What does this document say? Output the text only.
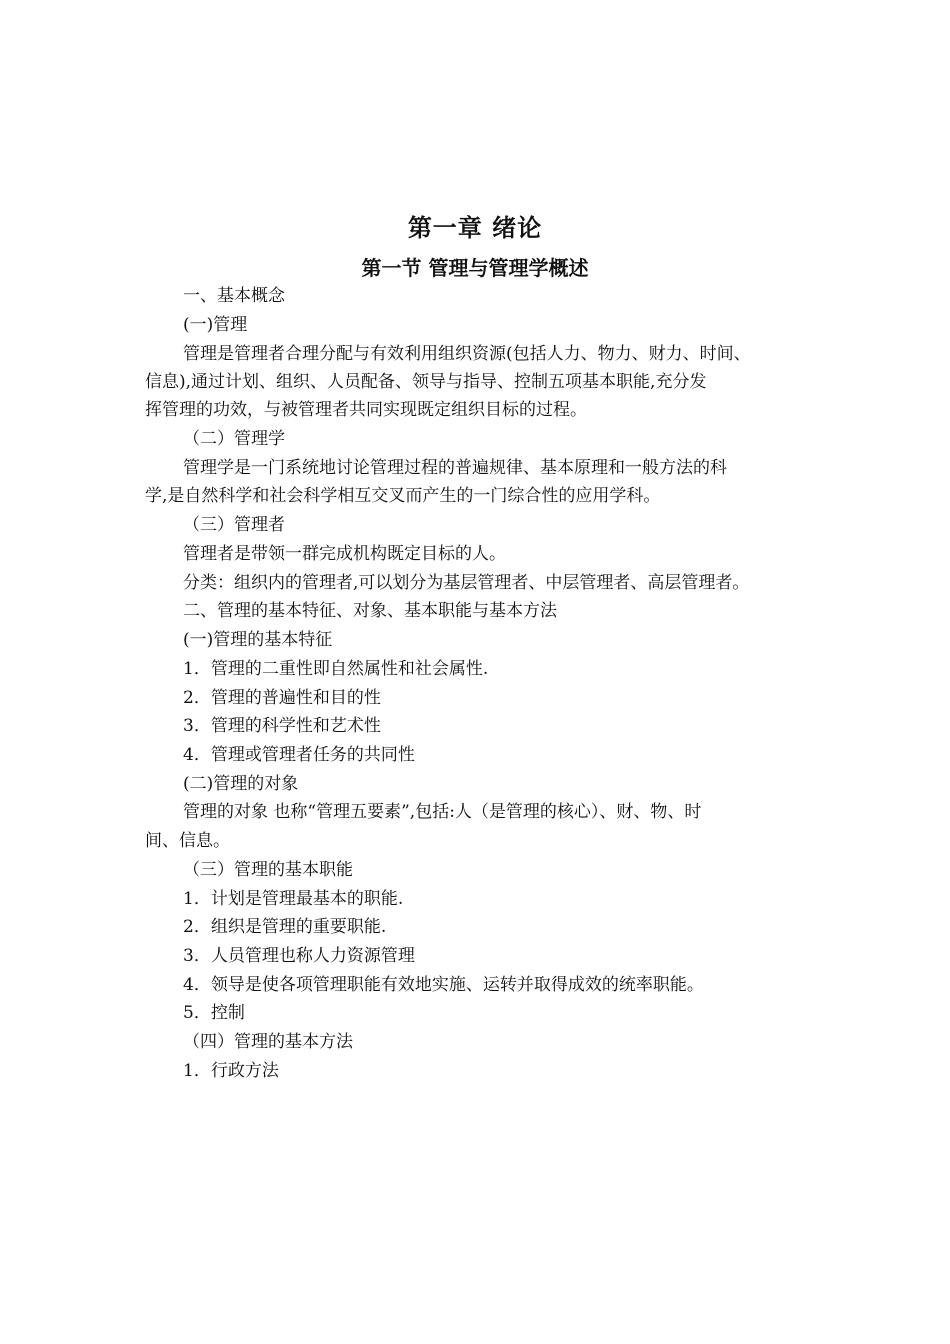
第一章 绪论
第一节 管理与管理学概述
一、基本概念
(一)管理
管理是管理者合理分配与有效利用组织资源(包括人力、物力、财力、时间、
信息),通过计划、组织、人员配备、领导与指导、控制五项基本职能,充分发
挥管理的功效，与被管理者共同实现既定组织目标的过程。
（二）管理学
管理学是一门系统地讨论管理过程的普遍规律、基本原理和一般方法的科
学,是自然科学和社会科学相互交叉而产生的一门综合性的应用学科。
（三）管理者
管理者是带领一群完成机构既定目标的人。
分类：组织内的管理者,可以划分为基层管理者、中层管理者、高层管理者。
二、管理的基本特征、对象、基本职能与基本方法
(一)管理的基本特征
1．管理的二重性即自然属性和社会属性.
2．管理的普遍性和目的性
3．管理的科学性和艺术性
4．管理或管理者任务的共同性
(二)管理的对象
管理的对象 也称“管理五要素”,包括:人（是管理的核心）、财、物、时
间、信息。
（三）管理的基本职能
1．计划是管理最基本的职能.
2．组织是管理的重要职能.
3．人员管理也称人力资源管理
4．领导是使各项管理职能有效地实施、运转并取得成效的统率职能。
5．控制
（四）管理的基本方法
1．行政方法
